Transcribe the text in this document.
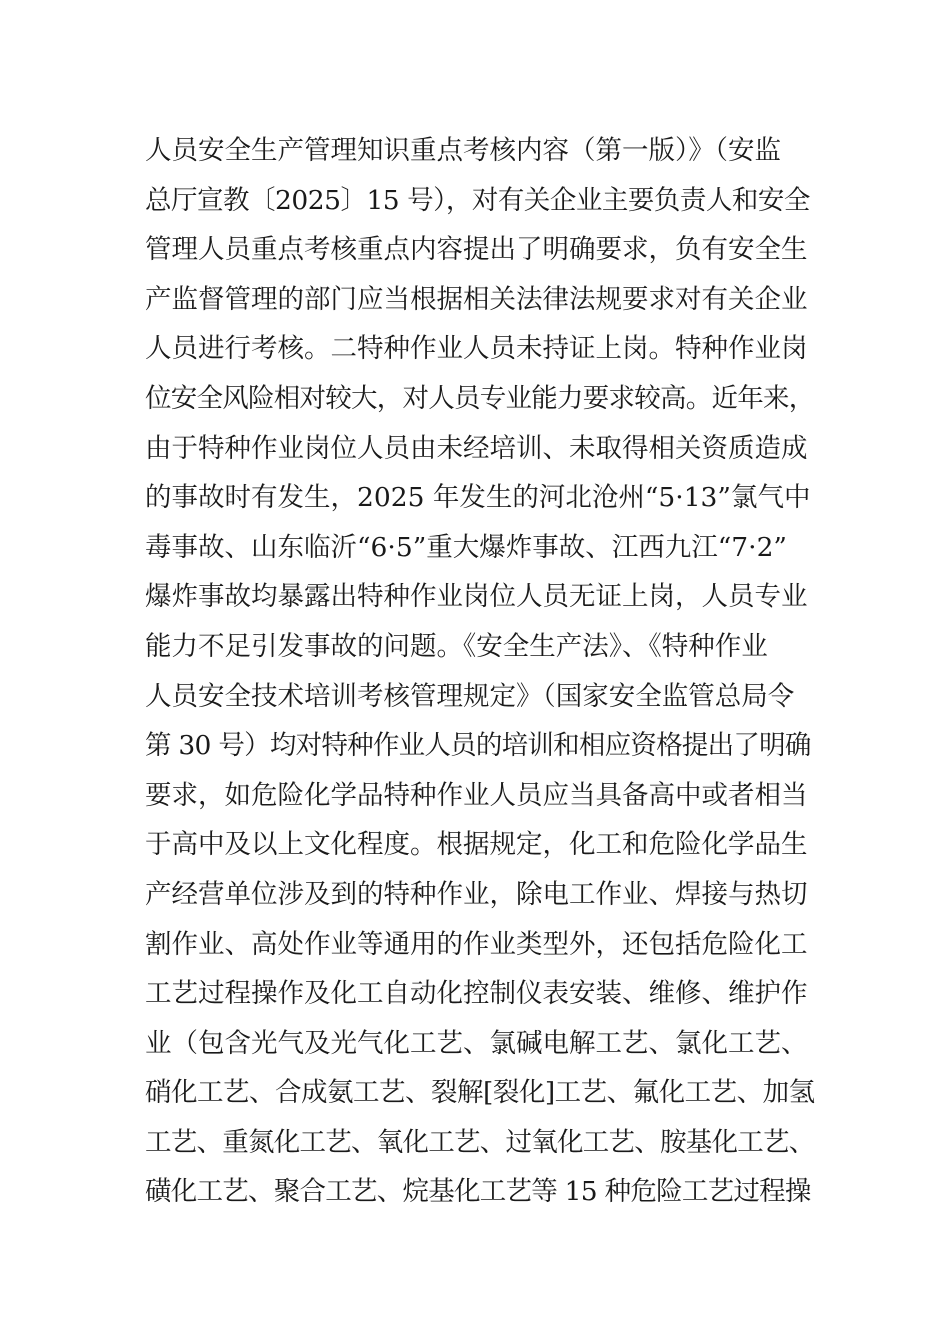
人员安全生产管理知识重点考核内容（第一版）》（安监
总厅宣教〔2025〕15 号），对有关企业主要负责人和安全
管理人员重点考核重点内容提出了明确要求，负有安全生
产监督管理的部门应当根据相关法律法规要求对有关企业
人员进行考核。二特种作业人员未持证上岗。特种作业岗
位安全风险相对较大，对人员专业能力要求较高。近年来，
由于特种作业岗位人员由未经培训、未取得相关资质造成
的事故时有发生，2025 年发生的河北沧州“5·13”氯气中
毒事故、山东临沂“6·5”重大爆炸事故、江西九江“7·2”
爆炸事故均暴露出特种作业岗位人员无证上岗，人员专业
能力不足引发事故的问题。《安全生产法》、《特种作业
人员安全技术培训考核管理规定》（国家安全监管总局令
第 30 号）均对特种作业人员的培训和相应资格提出了明确
要求，如危险化学品特种作业人员应当具备高中或者相当
于高中及以上文化程度。根据规定，化工和危险化学品生
产经营单位涉及到的特种作业，除电工作业、焊接与热切
割作业、高处作业等通用的作业类型外，还包括危险化工
工艺过程操作及化工自动化控制仪表安装、维修、维护作
业（包含光气及光气化工艺、氯碱电解工艺、氯化工艺、
硝化工艺、合成氨工艺、裂解[裂化]工艺、氟化工艺、加氢
工艺、重氮化工艺、氧化工艺、过氧化工艺、胺基化工艺、
磺化工艺、聚合工艺、烷基化工艺等 15 种危险工艺过程操
